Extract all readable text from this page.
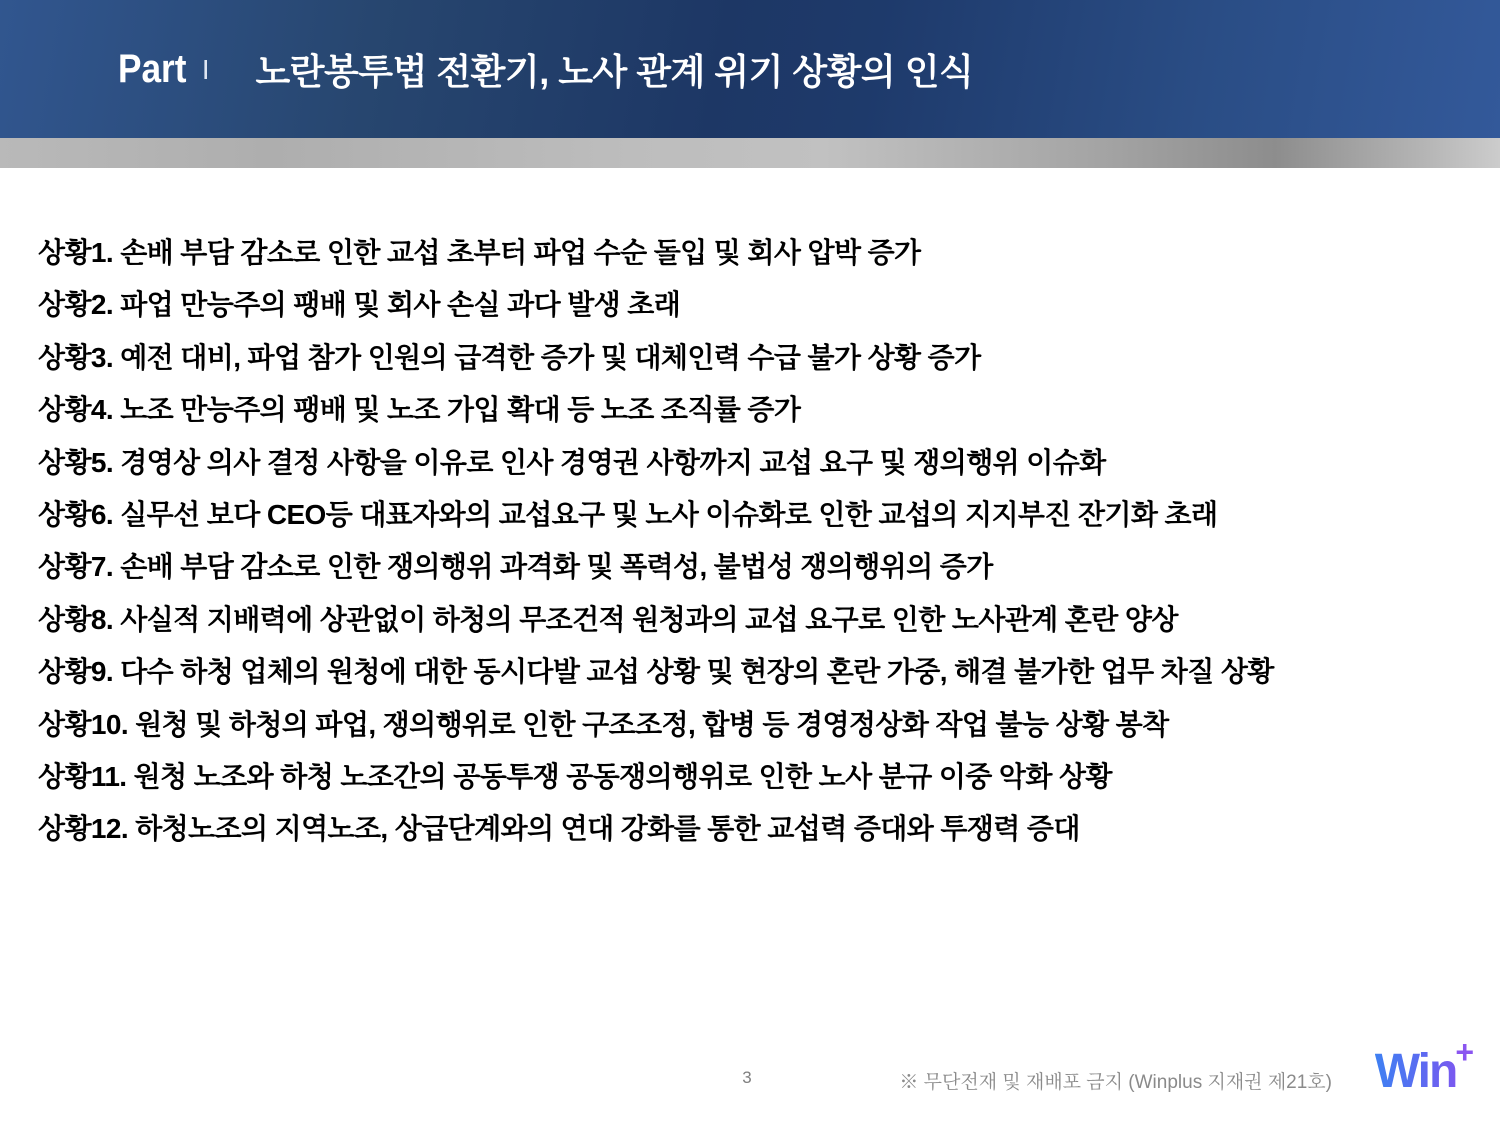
Part Ⅰ 노란봉투법 전환기, 노사 관계 위기 상황의 인식

상황1. 손배 부담 감소로 인한 교섭 초부터 파업 수순 돌입 및 회사 압박 증가

상황2. 파업 만능주의 팽배 및 회사 손실 과다 발생 초래

상황3. 예전 대비, 파업 참가 인원의 급격한 증가 및 대체인력 수급 불가 상황 증가

상황4. 노조 만능주의 팽배 및 노조 가입 확대 등 노조 조직률 증가

상황5. 경영상 의사 결정 사항을 이유로 인사 경영권 사항까지 교섭 요구 및 쟁의행위 이슈화

상황6. 실무선 보다 CEO등 대표자와의 교섭요구 및 노사 이슈화로 인한 교섭의 지지부진 잔기화 초래

상황7. 손배 부담 감소로 인한 쟁의행위 과격화 및 폭력성, 불법성 쟁의행위의 증가

상황8. 사실적 지배력에 상관없이 하청의 무조건적 원청과의 교섭 요구로 인한 노사관계 혼란 양상

상황9. 다수 하청 업체의 원청에 대한 동시다발 교섭 상황 및 현장의 혼란 가중, 해결 불가한 업무 차질 상황

상황10. 원청 및 하청의 파업, 쟁의행위로 인한 구조조정, 합병 등 경영정상화 작업 불능 상황 봉착

상황11. 원청 노조와 하청 노조간의 공동투쟁 공동쟁의행위로 인한 노사 분규 이중 악화 상황

상황12. 하청노조의 지역노조, 상급단계와의 연대 강화를 통한 교섭력 증대와 투쟁력 증대

3	※ 무단전재 및 재배포 금지 (Winplus 지재권 제21호) Win +
